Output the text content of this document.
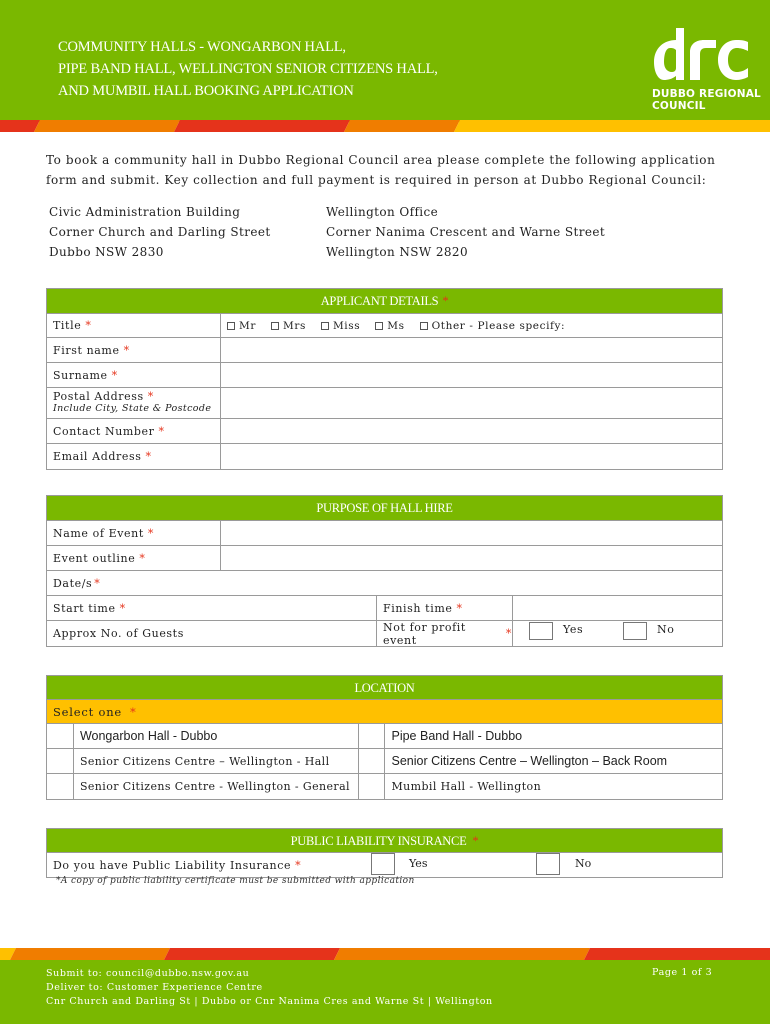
COMMUNITY HALLS - WONGARBON HALL,
PIPE BAND HALL, WELLINGTON SENIOR CITIZENS HALL,
AND MUMBIL HALL BOOKING APPLICATION	DUBBO REGIONAL
COUNCIL
To book a community hall in Dubbo Regional Council area please complete the following application form and submit. Key collection and full payment is required in person at Dubbo Regional Council:
Civic Administration Building
Corner Church and Darling Street
Dubbo NSW 2830
Wellington Office
Corner Nanima Crescent and Warne Street
Wellington NSW 2820
APPLICANT DETAILS *
Title *	Mr	Mrs	Miss	Ms	Other - Please specify:
First name *
Surname *
Postal Address *
Include City, State & Postcode
Contact Number *
Email Address *
PURPOSE OF HALL HIRE
Name of Event *
Event outline *
Date/s *
Start time *	Finish time *
Approx No. of Guests	Not for profit event	*	Yes	No
LOCATION
Select one *
Wongarbon Hall - Dubbo	Pipe Band Hall - Dubbo
Senior Citizens Centre – Wellington - Hall	Senior Citizens Centre – Wellington – Back Room
Senior Citizens Centre - Wellington - General	Mumbil Hall - Wellington
PUBLIC LIABILITY INSURANCE *
Do you have Public Liability Insurance *	Yes	No
*A copy of public liability certificate must be submitted with application
Submit to: council@dubbo.nsw.gov.au
Deliver to: Customer Experience Centre
Cnr Church and Darling St | Dubbo or Cnr Nanima Cres and Warne St | Wellington
Page 1 of 3
